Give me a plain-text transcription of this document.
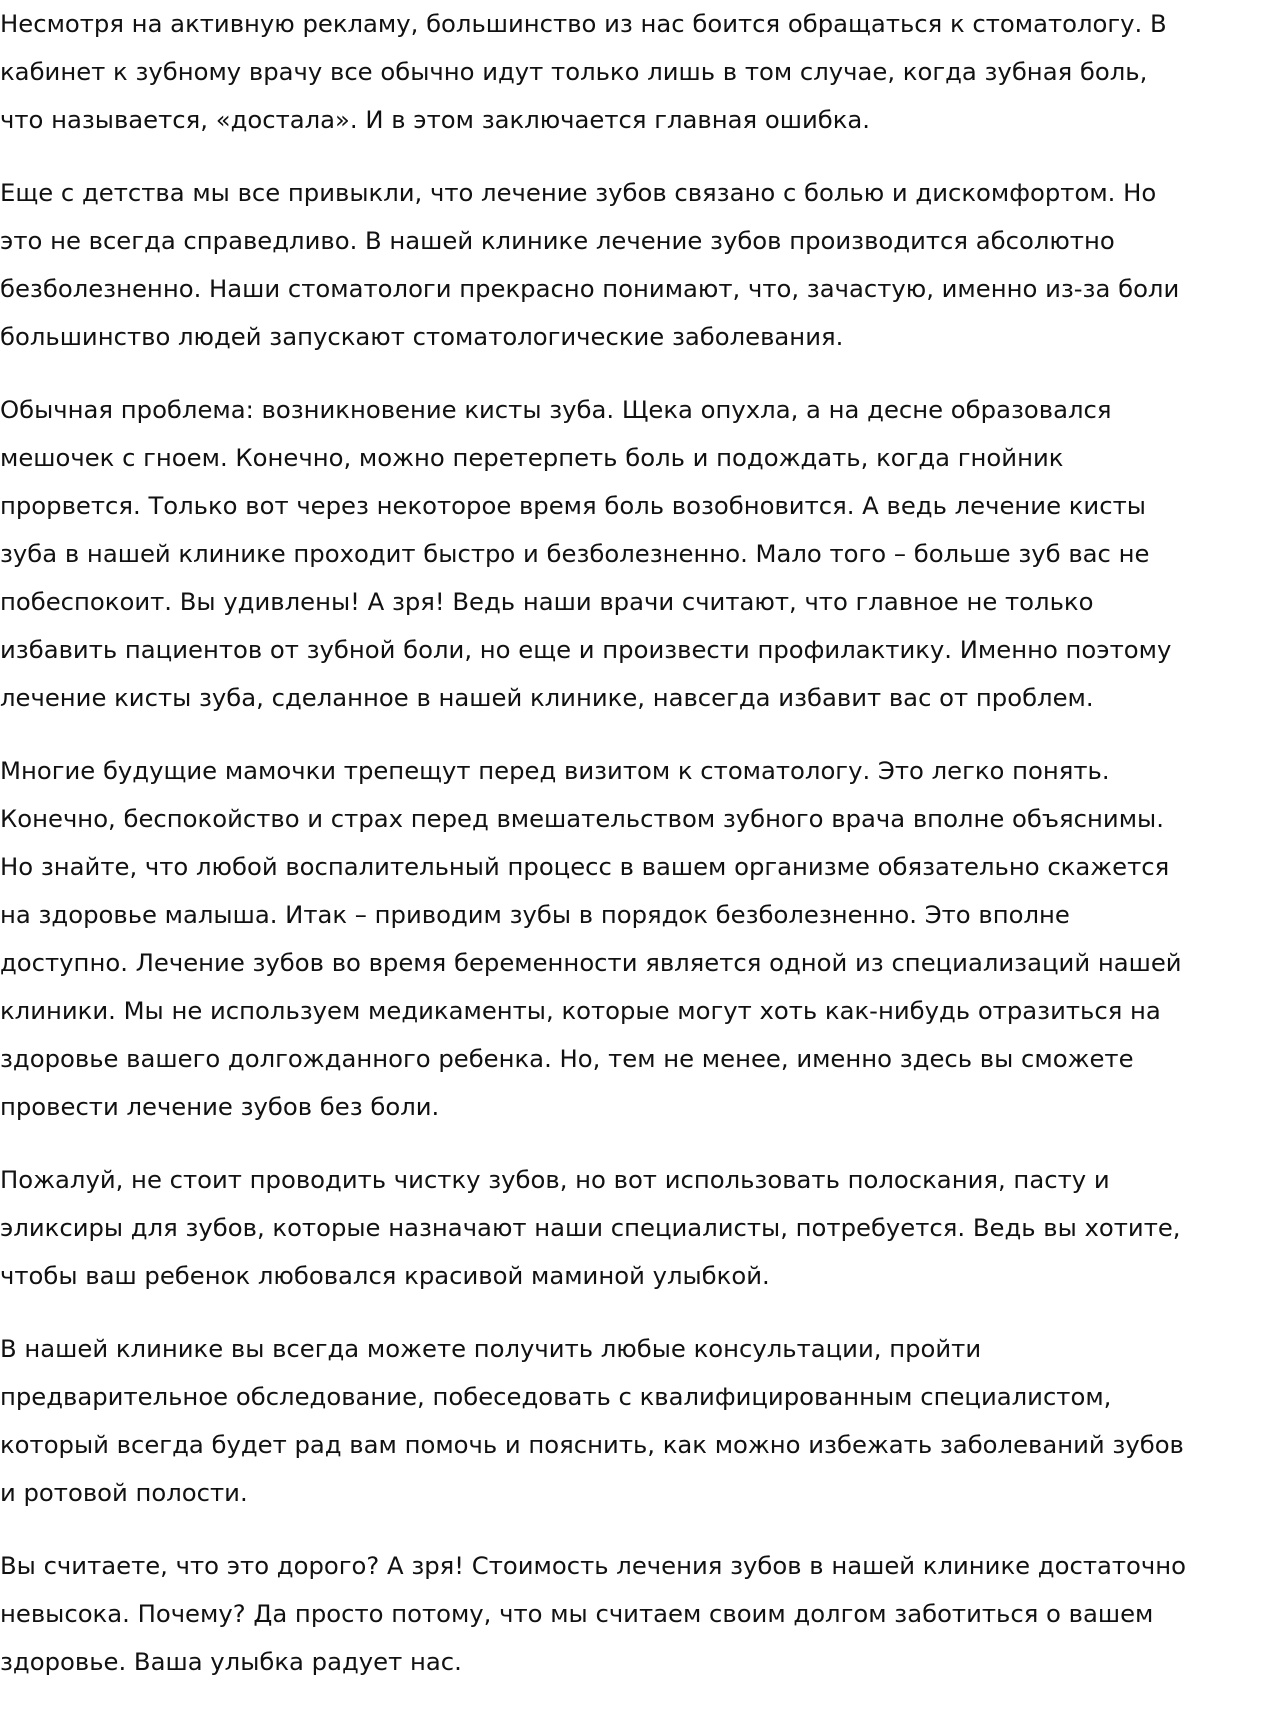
Несмотря на активную рекламу, большинство из нас боится обращаться к стоматологу. В
кабинет к зубному врачу все обычно идут только лишь в том случае, когда зубная боль,
что называется, «достала». И в этом заключается главная ошибка.

Еще с детства мы все привыкли, что лечение зубов связано с болью и дискомфортом. Но
это не всегда справедливо. В нашей клинике лечение зубов производится абсолютно
безболезненно. Наши стоматологи прекрасно понимают, что, зачастую, именно из-за боли
большинство людей запускают стоматологические заболевания.

Обычная проблема: возникновение кисты зуба. Щека опухла, а на десне образовался
мешочек с гноем. Конечно, можно перетерпеть боль и подождать, когда гнойник
прорвется. Только вот через некоторое время боль возобновится. А ведь лечение кисты
зуба в нашей клинике проходит быстро и безболезненно. Мало того – больше зуб вас не
побеспокоит. Вы удивлены! А зря! Ведь наши врачи считают, что главное не только
избавить пациентов от зубной боли, но еще и произвести профилактику. Именно поэтому
лечение кисты зуба, сделанное в нашей клинике, навсегда избавит вас от проблем.

Многие будущие мамочки трепещут перед визитом к стоматологу. Это легко понять.
Конечно, беспокойство и страх перед вмешательством зубного врача вполне объяснимы.
Но знайте, что любой воспалительный процесс в вашем организме обязательно скажется
на здоровье малыша. Итак – приводим зубы в порядок безболезненно. Это вполне
доступно. Лечение зубов во время беременности является одной из специализаций нашей
клиники. Мы не используем медикаменты, которые могут хоть как-нибудь отразиться на
здоровье вашего долгожданного ребенка. Но, тем не менее, именно здесь вы сможете
провести лечение зубов без боли.

Пожалуй, не стоит проводить чистку зубов, но вот использовать полоскания, пасту и
эликсиры для зубов, которые назначают наши специалисты, потребуется. Ведь вы хотите,
чтобы ваш ребенок любовался красивой маминой улыбкой.

В нашей клинике вы всегда можете получить любые консультации, пройти
предварительное обследование, побеседовать с квалифицированным специалистом,
который всегда будет рад вам помочь и пояснить, как можно избежать заболеваний зубов
и ротовой полости.

Вы считаете, что это дорого? А зря! Стоимость лечения зубов в нашей клинике достаточно
невысока. Почему? Да просто потому, что мы считаем своим долгом заботиться о вашем
здоровье. Ваша улыбка радует нас.
